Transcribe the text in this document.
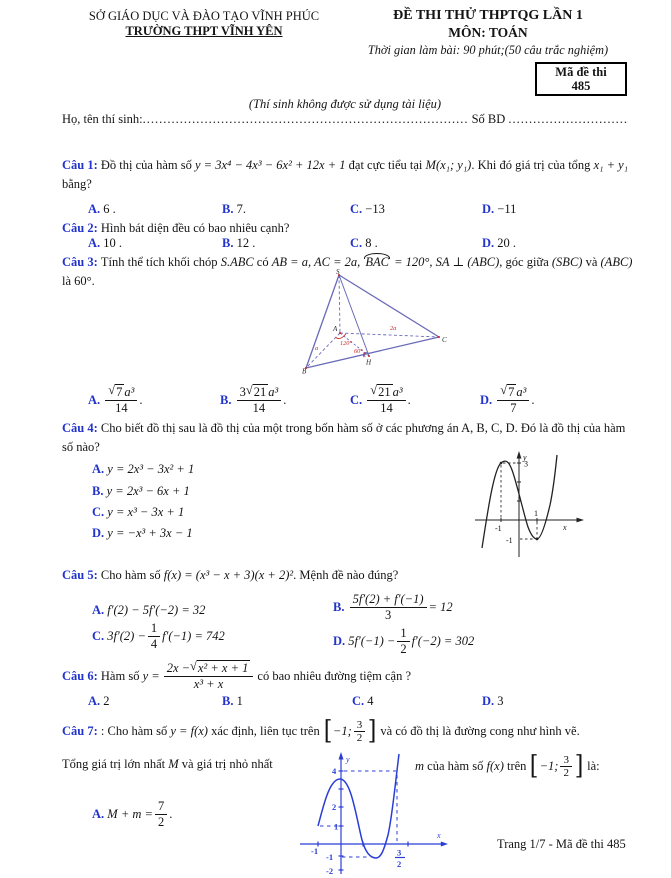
SỞ GIÁO DỤC VÀ ĐÀO TẠO VĨNH PHÚC
TRƯỜNG THPT VĨNH YÊN
ĐỀ THI THỬ THPTQG LẦN 1
MÔN: TOÁN
Thời gian làm bài: 90 phút;(50 câu trắc nghiệm)
Mã đề thi
485
(Thí sinh không được sử dụng tài liệu)
Họ, tên thí sinh:............................................................................... Số BD .............................
Câu 1: Đồ thị của hàm số y = 3x⁴ − 4x³ − 6x² + 12x + 1 đạt cực tiểu tại M(x₁; y₁). Khi đó giá trị của tổng x₁ + y₁ bằng?
A. 6 .	B. 7.	C. −13	D. −11
Câu 2: Hình bát diện đều có bao nhiêu cạnh?
A. 10 .	B. 12 .	C. 8 .	D. 20 .
Câu 3: Tính thể tích khối chóp S.ABC có AB = a, AC = 2a, BAC = 120°, SA ⊥ (ABC), góc giữa (SBC) và (ABC) là 60°.
S
A
B
C
H
a
2a
120°
60°
A.
$\frac{\text{√ 7 a³}}{14}$ .	B.
$\frac{\text{3 √ 21 a³}}{14}$ .	C.
$\frac{\text{√ 21 a³}}{14}$ .	D.
$\frac{\text{√ 7 a³}}{7}$ .
Câu 4: Cho biết đồ thị sau là đồ thị của một trong bốn hàm số ở các phương án A, B, C, D. Đó là đồ thị của hàm số nào?
A. y = 2x³ − 3x² + 1
B. y = 2x³ − 6x + 1
C. y = x³ − 3x + 1
D. y = −x³ + 3x − 1
y
x
3
1
-1
-1
Câu 5: Cho hàm số f(x) = (x³ − x + 3)(x + 2)². Mệnh đề nào đúng?
A. f′(2) − 5f′(−2) = 32	B.
$\frac{5f'(2) + f'(-1)}{3} = 12$
C.
$3f'(2) - \frac{1}{4} f'(-1) = 742$	D.
$5f'(-1) - \frac{1}{2} f'(-2) = 302$
Câu 6: Hàm số $y = \frac{\text{2x − √ x² + x + 1}}{\text{x³ + x}}$ có bao nhiêu đường tiệm cận ?
A. 2	B. 1	C. 4	D. 3
Câu 7: : Cho hàm số y = f(x) xác định, liên tục trên [ −1; $\frac{3}{2}$ ] và có đồ thị là đường cong như hình vẽ.
Tổng giá trị lớn nhất M và giá trị nhỏ nhất	m của hàm số f(x) trên [ −1; $\frac{3}{2}$ ] là:
A.
$M + m = \frac{7}{2}$ .
4
2
1
-1
-2
-1	3
2
y
x
Trang 1/7 - Mã đề thi 485
